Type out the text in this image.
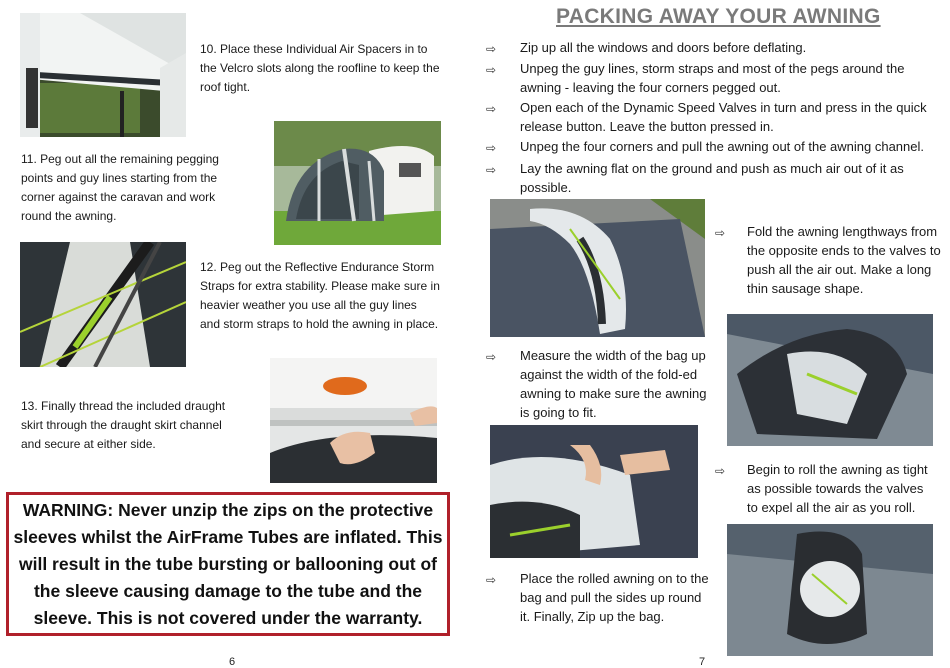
10. Place these Individual Air Spacers in to the Velcro slots along the roofline to keep the roof tight.
11. Peg out all the remaining pegging points and guy lines starting from the corner against the caravan and work round the awning.
12. Peg out the Reflective Endurance Storm Straps for extra stability. Please make sure in heavier weather you use all the guy lines and storm straps to hold the awning in place.
13. Finally thread the included draught skirt through the draught skirt channel and secure at either side.
WARNING: Never unzip the zips on the protective sleeves whilst the AirFrame Tubes are inflated. This will result in the tube bursting or ballooning out of the sleeve causing damage to the tube and the sleeve. This is not covered under the warranty.
6
PACKING AWAY YOUR AWNING
⇨ Zip up all the windows and doors before deflating.
⇨ Unpeg the guy lines, storm straps and most of the pegs around the awning - leaving the four corners pegged out.
⇨ Open each of the Dynamic Speed Valves in turn and press in the quick release button. Leave the button pressed in.
⇨ Unpeg the four corners and pull the awning out of the awning channel.
⇨ Lay the awning flat on the ground and push as much air out of it as possible.
⇨ Fold the awning lengthways from the opposite ends to the valves to push all the air out. Make a long thin sausage shape.
⇨ Measure the width of the bag up against the width of the fold-ed awning to make sure the awning is going to fit.
⇨ Begin to roll the awning as tight as possible towards the valves to expel all the air as you roll.
⇨ Place the rolled awning on to the bag and pull the sides up round it. Finally, Zip up the bag.
7
